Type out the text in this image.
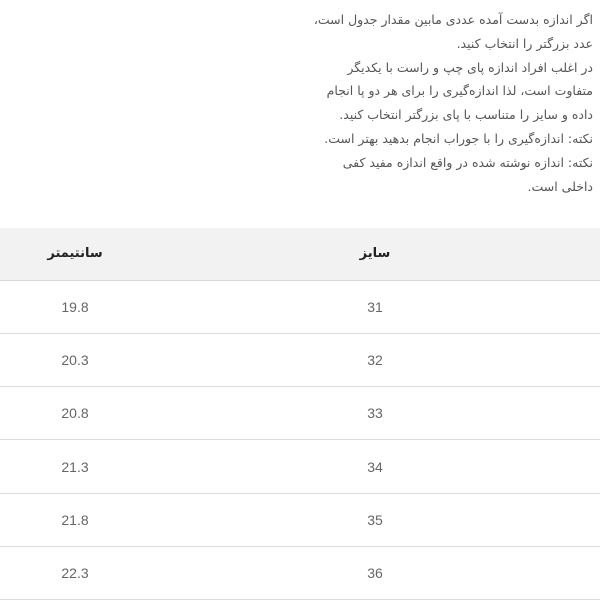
اگر اندازه بدست آمده عددی مابین مقدار جدول است،
عدد بزرگتر را انتخاب کنید.
در اغلب افراد اندازه پای چپ و راست با یکدیگر
متفاوت است، لذا اندازه‌گیری را برای هر دو پا انجام
داده و سایز را متناسب با پای بزرگتر انتخاب کنید.
نکته: اندازه‌گیری را با جوراب انجام بدهید بهتر است.
نکته: اندازه نوشته شده در واقع اندازه مفید کفی
داخلی است.
سانتیمتر	سایز
19.8	31
20.3	32
20.8	33
21.3	34
21.8	35
22.3	36
